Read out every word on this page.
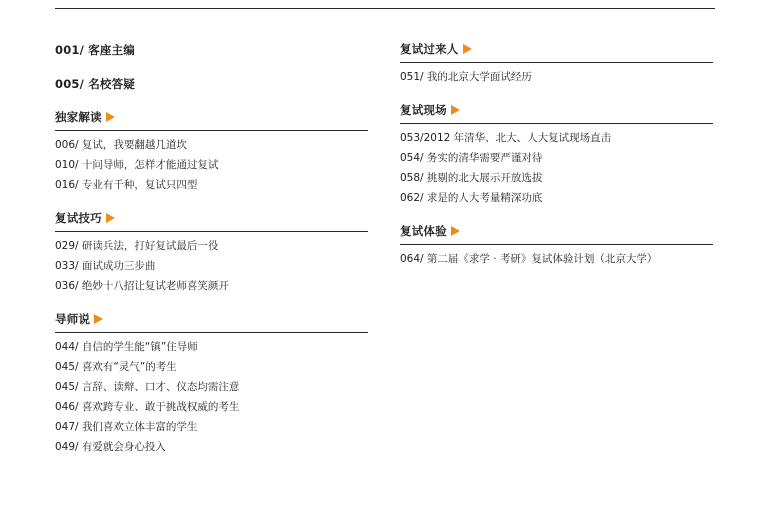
001/ 客座主编
005/ 名校答疑
独家解读
006/ 复试，我要翻越几道坎
010/ 十问导师，怎样才能通过复试
016/ 专业有千种，复试只四型
复试技巧
029/ 研读兵法，打好复试最后一役
033/ 面试成功三步曲
036/ 绝妙十八招让复试老师喜笑颜开
导师说
044/ 自信的学生能“镇”住导师
045/ 喜欢有“灵气”的考生
045/ 言辞、读辩、口才、仪态均需注意
046/ 喜欢跨专业、敢于挑战权威的考生
047/ 我们喜欢立体丰富的学生
049/ 有爱就会身心投入
复试过来人
051/ 我的北京大学面试经历
复试现场
053/2012 年清华、北大、人大复试现场直击
054/ 务实的清华需要严谨对待
058/ 挑剔的北大展示开放选拔
062/ 求是的人大考量精深功底
复试体验
064/ 第二届《求学 · 考研》复试体验计划（北京大学）
